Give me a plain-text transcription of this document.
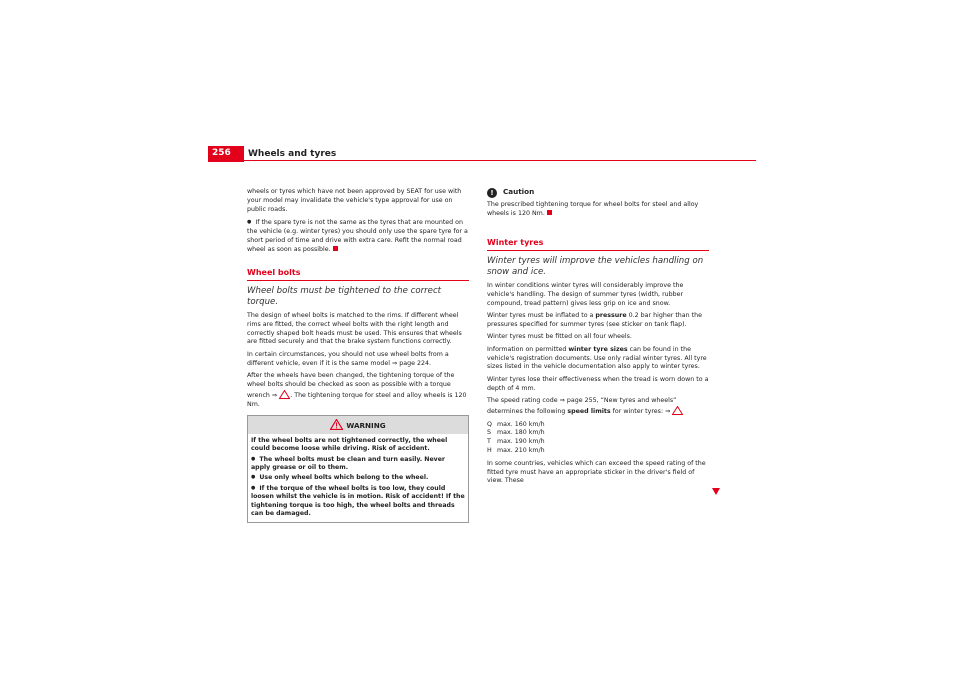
256 Wheels and tyres

wheels or tyres which have not been approved by SEAT for use with your model may invalidate the vehicle's type approval for use on public roads.

● If the spare tyre is not the same as the tyres that are mounted on the vehicle (e.g. winter tyres) you should only use the spare tyre for a short period of time and drive with extra care. Refit the normal road wheel as soon as possible.

Wheel bolts
Wheel bolts must be tightened to the correct torque.

The design of wheel bolts is matched to the rims. If different wheel rims are fitted, the correct wheel bolts with the right length and correctly shaped bolt heads must be used. This ensures that wheels are fitted securely and that the brake system functions correctly.

In certain circumstances, you should not use wheel bolts from a different vehicle, even if it is the same model ⇒ page 224.

After the wheels have been changed, the tightening torque of the wheel bolts should be checked as soon as possible with a torque wrench ⇒ . The tightening torque for steel and alloy wheels is 120 Nm.

WARNING

If the wheel bolts are not tightened correctly, the wheel could become loose while driving. Risk of accident.

● The wheel bolts must be clean and turn easily. Never apply grease or oil to them.

● Use only wheel bolts which belong to the wheel.

● If the torque of the wheel bolts is too low, they could loosen whilst the vehicle is in motion. Risk of accident! If the tightening torque is too high, the wheel bolts and threads can be damaged.

! Caution

The prescribed tightening torque for wheel bolts for steel and alloy wheels is 120 Nm.

Winter tyres
Winter tyres will improve the vehicles handling on snow and ice.

In winter conditions winter tyres will considerably improve the vehicle's handling. The design of summer tyres (width, rubber compound, tread pattern) gives less grip on ice and snow.

Winter tyres must be inflated to a pressure 0.2 bar higher than the pressures specified for summer tyres (see sticker on tank flap).

Winter tyres must be fitted on all four wheels.

Information on permitted winter tyre sizes can be found in the vehicle's registration documents. Use only radial winter tyres. All tyre sizes listed in the vehicle documentation also apply to winter tyres.

Winter tyres lose their effectiveness when the tread is worn down to a depth of 4 mm.

The speed rating code ⇒ page 255, “New tyres and wheels” determines the following speed limits for winter tyres: ⇒

Q max. 160 km/h
S max. 180 km/h
T max. 190 km/h
H max. 210 km/h

In some countries, vehicles which can exceed the speed rating of the fitted tyre must have an appropriate sticker in the driver's field of view. These
